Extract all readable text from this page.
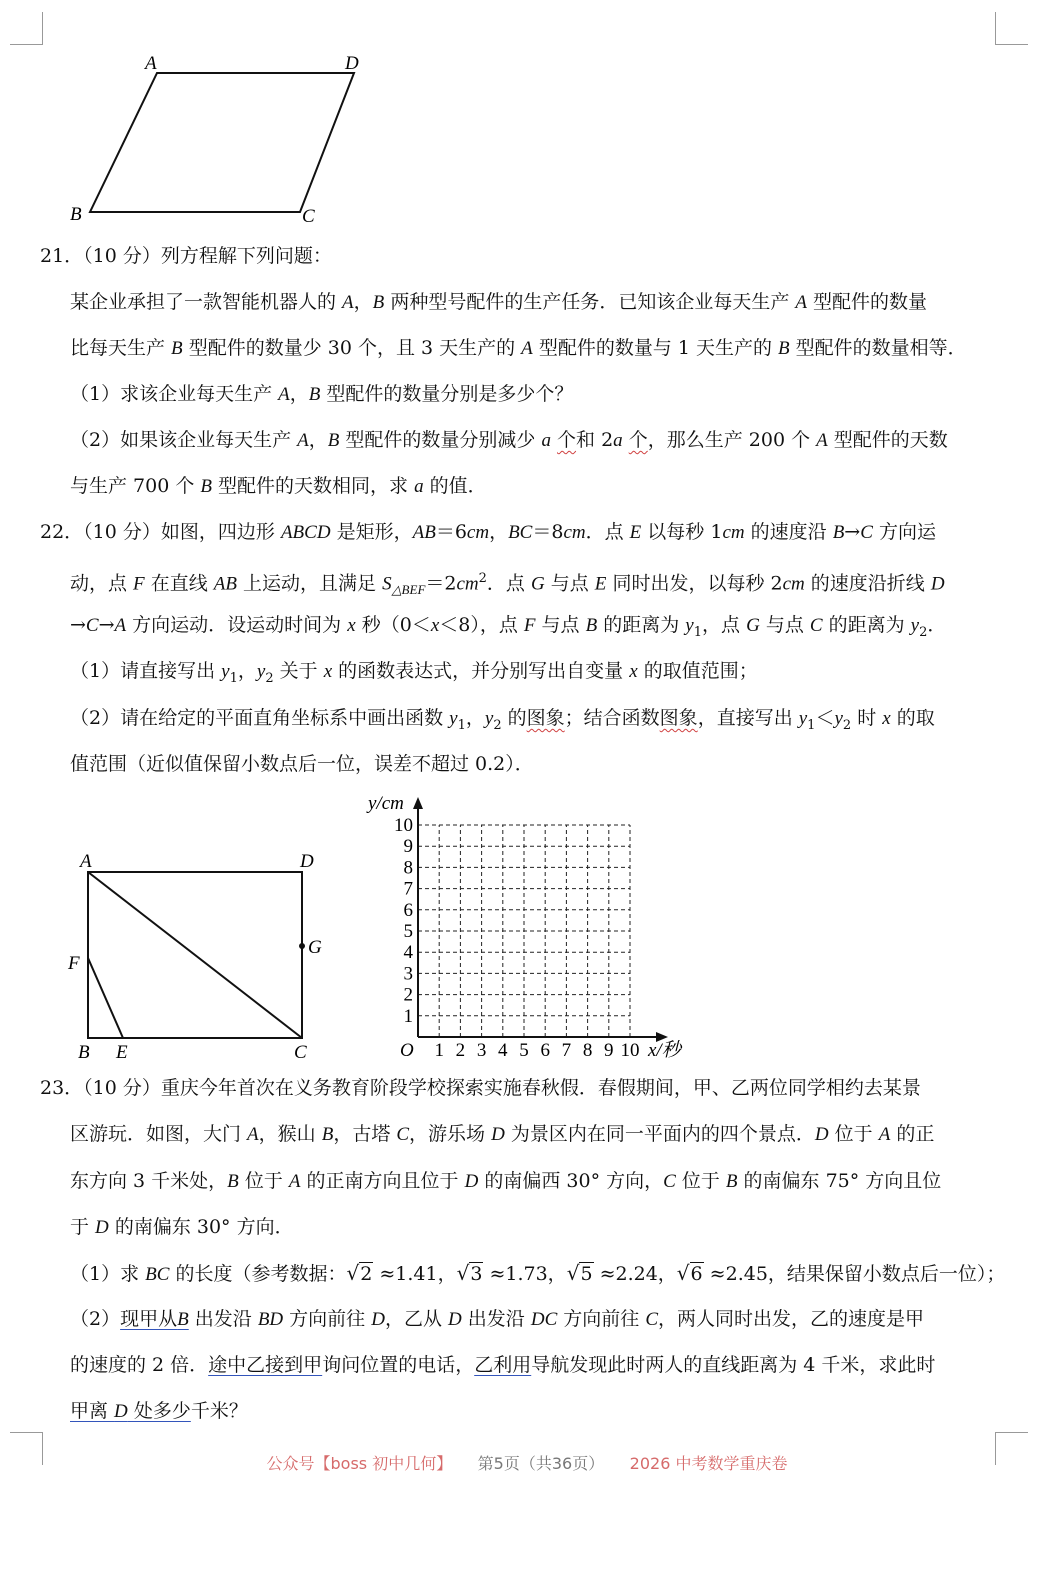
A	D
B	C
21．（10 分）列方程解下列问题：
某企业承担了一款智能机器人的 A，B 两种型号配件的生产任务．已知该企业每天生产 A 型配件的数量
比每天生产 B 型配件的数量少 30 个，且 3 天生产的 A 型配件的数量与 1 天生产的 B 型配件的数量相等．
（1）求该企业每天生产 A，B 型配件的数量分别是多少个？
（2）如果该企业每天生产 A，B 型配件的数量分别减少 a 个和 2a 个，那么生产 200 个 A 型配件的天数
与生产 700 个 B 型配件的天数相同，求 a 的值．
22．（10 分）如图，四边形 ABCD 是矩形，AB＝6cm，BC＝8cm．点 E 以每秒 1cm 的速度沿 B→C 方向运
动，点 F 在直线 AB 上运动，且满足 $S_{\triangle BEF}=2cm^2$．点 G 与点 E 同时出发，以每秒 2cm 的速度沿折线 D
→C→A 方向运动．设运动时间为 x 秒（0＜x＜8），点 F 与点 B 的距离为 $y_1$，点 G 与点 C 的距离为 $y_2$．
（1）请直接写出 $y_1$，$y_2$ 关于 x 的函数表达式，并分别写出自变量 x 的取值范围；
（2）请在给定的平面直角坐标系中画出函数 $y_1$，$y_2$ 的图象；结合函数图象，直接写出 $y_1<y_2$ 时 x 的取
值范围（近似值保留小数点后一位，误差不超过 0.2）．
A	D
B E	C
F
G
y/cm
x/秒
O 1 2 3 4 5 6 7 8 9 10
1
2
3
4
5
6
7
8
9
10
23．（10 分）重庆今年首次在义务教育阶段学校探索实施春秋假．春假期间，甲、乙两位同学相约去某景
区游玩．如图，大门 A，猴山 B，古塔 C，游乐场 D 为景区内在同一平面内的四个景点．D 位于 A 的正
东方向 3 千米处，B 位于 A 的正南方向且位于 D 的南偏西 30° 方向，C 位于 B 的南偏东 75° 方向且位
于 D 的南偏东 30° 方向．
（1）求 BC 的长度（参考数据：√2 ≈1.41，√3 ≈1.73，√5 ≈2.24，√6 ≈2.45，结果保留小数点后一位）；
（2）现甲从B 出发沿 BD 方向前往 D，乙从 D 出发沿 DC 方向前往 C，两人同时出发，乙的速度是甲
的速度的 2 倍．途中乙接到甲询问位置的电话，乙利用导航发现此时两人的直线距离为 4 千米，求此时
甲离 D 处多少千米？
公众号【boss 初中几何】 第5页（共36页） 2026 中考数学重庆卷
